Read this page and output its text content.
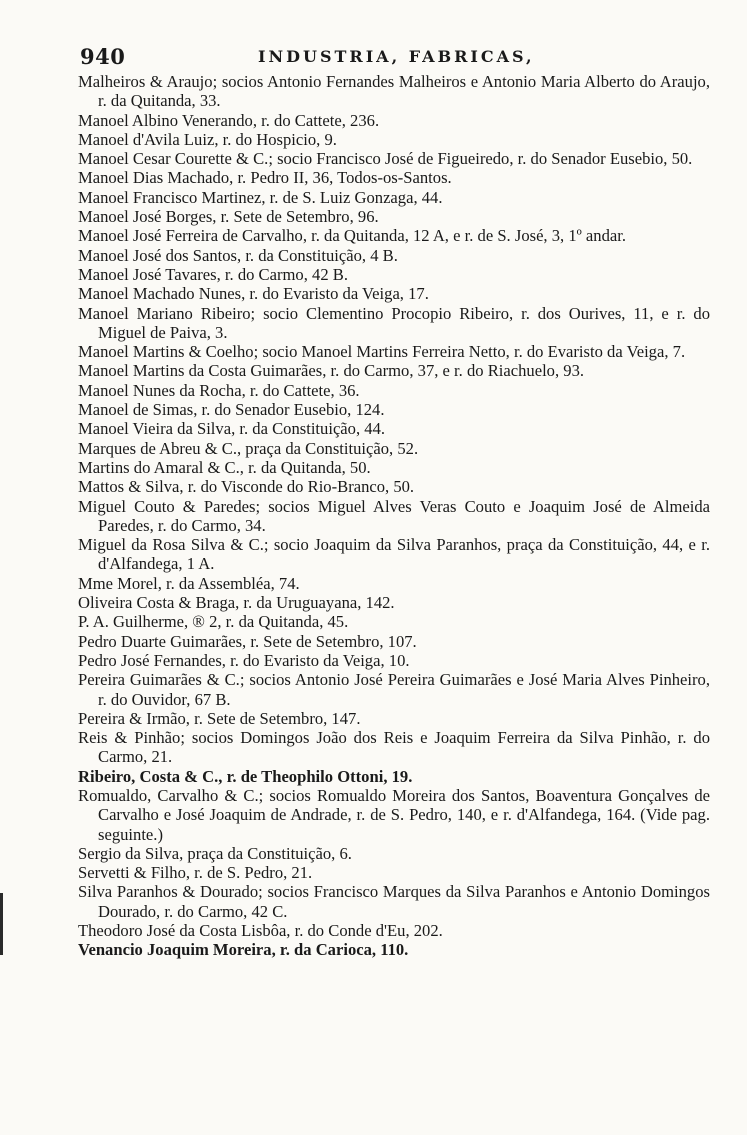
940	INDUSTRIA, FABRICAS,
Malheiros & Araujo; socios Antonio Fernandes Malheiros e Antonio Maria Alberto do Araujo, r. da Quitanda, 33.
Manoel Albino Venerando, r. do Cattete, 236.
Manoel d'Avila Luiz, r. do Hospicio, 9.
Manoel Cesar Courette & C.; socio Francisco José de Figueiredo, r. do Senador Eusebio, 50.
Manoel Dias Machado, r. Pedro II, 36, Todos-os-Santos.
Manoel Francisco Martinez, r. de S. Luiz Gonzaga, 44.
Manoel José Borges, r. Sete de Setembro, 96.
Manoel José Ferreira de Carvalho, r. da Quitanda, 12 A, e r. de S. José, 3, 1º andar.
Manoel José dos Santos, r. da Constituição, 4 B.
Manoel José Tavares, r. do Carmo, 42 B.
Manoel Machado Nunes, r. do Evaristo da Veiga, 17.
Manoel Mariano Ribeiro; socio Clementino Procopio Ribeiro, r. dos Ourives, 11, e r. do Miguel de Paiva, 3.
Manoel Martins & Coelho; socio Manoel Martins Ferreira Netto, r. do Evaristo da Veiga, 7.
Manoel Martins da Costa Guimarães, r. do Carmo, 37, e r. do Riachuelo, 93.
Manoel Nunes da Rocha, r. do Cattete, 36.
Manoel de Simas, r. do Senador Eusebio, 124.
Manoel Vieira da Silva, r. da Constituição, 44.
Marques de Abreu & C., praça da Constituição, 52.
Martins do Amaral & C., r. da Quitanda, 50.
Mattos & Silva, r. do Visconde do Rio-Branco, 50.
Miguel Couto & Paredes; socios Miguel Alves Veras Couto e Joaquim José de Almeida Paredes, r. do Carmo, 34.
Miguel da Rosa Silva & C.; socio Joaquim da Silva Paranhos, praça da Constituição, 44, e r. d'Alfandega, 1 A.
Mme Morel, r. da Assembléa, 74.
Oliveira Costa & Braga, r. da Uruguayana, 142.
P. A. Guilherme, ® 2, r. da Quitanda, 45.
Pedro Duarte Guimarães, r. Sete de Setembro, 107.
Pedro José Fernandes, r. do Evaristo da Veiga, 10.
Pereira Guimarães & C.; socios Antonio José Pereira Guimarães e José Maria Alves Pinheiro, r. do Ouvidor, 67 B.
Pereira & Irmão, r. Sete de Setembro, 147.
Reis & Pinhão; socios Domingos João dos Reis e Joaquim Ferreira da Silva Pinhão, r. do Carmo, 21.
Ribeiro, Costa & C., r. de Theophilo Ottoni, 19.
Romualdo, Carvalho & C.; socios Romualdo Moreira dos Santos, Boaventura Gonçalves de Carvalho e José Joaquim de Andrade, r. de S. Pedro, 140, e r. d'Alfandega, 164. (Vide pag. seguinte.)
Sergio da Silva, praça da Constituição, 6.
Servetti & Filho, r. de S. Pedro, 21.
Silva Paranhos & Dourado; socios Francisco Marques da Silva Paranhos e Antonio Domingos Dourado, r. do Carmo, 42 C.
Theodoro José da Costa Lisbôa, r. do Conde d'Eu, 202.
Venancio Joaquim Moreira, r. da Carioca, 110.
